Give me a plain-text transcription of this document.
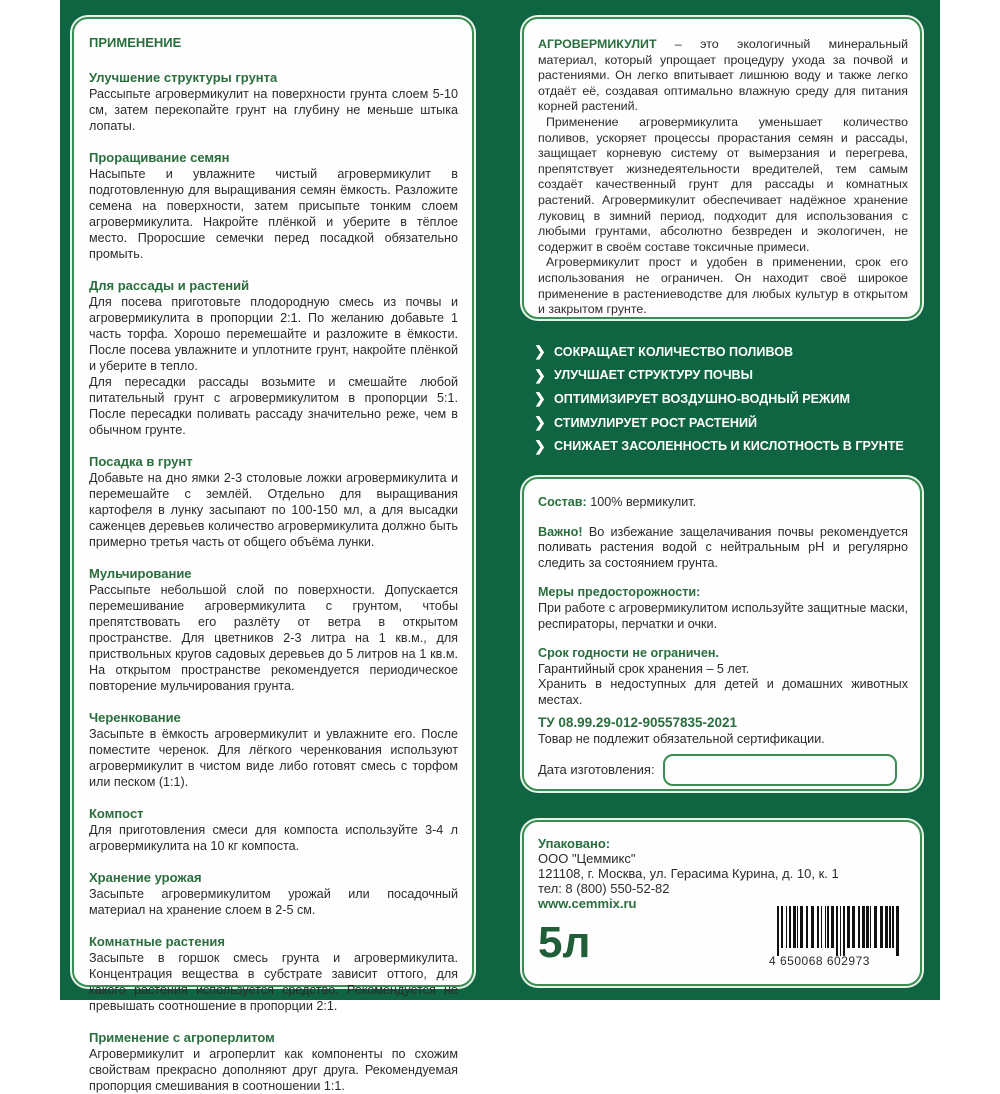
ПРИМЕНЕНИЕ
Улучшение структуры грунта

Рассыпьте агровермикулит на поверхности грунта слоем 5-10 см, затем перекопайте грунт на глубину не меньше штыка лопаты.

Проращивание семян

Насыпьте и увлажните чистый агровермикулит в подготовленную для выращивания семян ёмкость. Разложите семена на поверхности, затем присыпьте тонким слоем агровермикулита. Накройте плёнкой и уберите в тёплое место. Проросшие семечки перед посадкой обязательно промыть.

Для рассады и растений

Для посева приготовьте плодородную смесь из почвы и агровермикулита в пропорции 2:1. По желанию добавьте 1 часть торфа. Хорошо перемешайте и разложите в ёмкости. После посева увлажните и уплотните грунт, накройте плёнкой и уберите в тепло.

Для пересадки рассады возьмите и смешайте любой питательный грунт с агровермикулитом в пропорции 5:1. После пересадки поливать рассаду значительно реже, чем в обычном грунте.

Посадка в грунт

Добавьте на дно ямки 2-3 столовые ложки агровермикулита и перемешайте с землёй. Отдельно для выращивания картофеля в лунку засыпают по 100-150 мл, а для высадки саженцев деревьев количество агровермикулита должно быть примерно третья часть от общего объёма лунки.

Мульчирование

Рассыпьте небольшой слой по поверхности. Допускается перемешивание агровермикулита с грунтом, чтобы препятствовать его разлёту от ветра в открытом пространстве. Для цветников 2-3 литра на 1 кв.м., для приствольных кругов садовых деревьев до 5 литров на 1 кв.м. На открытом пространстве рекомендуется периодическое повторение мульчирования грунта.

Черенкование

Засыпьте в ёмкость агровермикулит и увлажните его. После поместите черенок. Для лёгкого черенкования используют агровермикулит в чистом виде либо готовят смесь с торфом или песком (1:1).

Компост

Для приготовления смеси для компоста используйте 3-4 л агровермикулита на 10 кг компоста.

Хранение урожая

Засыпьте агровермикулитом урожай или посадочный материал на хранение слоем в 2-5 см.

Комнатные растения

Засыпьте в горшок смесь грунта и агровермикулита. Концентрация вещества в субстрате зависит оттого, для какого растения используется средство. Рекомендуется не превышать соотношение в пропорции 2:1.

Применение с агроперлитом

Агровермикулит и агроперлит как компоненты по схожим свойствам прекрасно дополняют друг друга. Рекомендуемая пропорция смешивания в соотношении 1:1.

АГРОВЕРМИКУЛИТ – это экологичный минеральный материал, который упрощает процедуру ухода за почвой и растениями. Он легко впитывает лишнюю воду и также легко отдаёт её, создавая оптимально влажную среду для питания корней растений.

Применение агровермикулита уменьшает количество поливов, ускоряет процессы прорастания семян и рассады, защищает корневую систему от вымерзания и перегрева, препятствует жизнедеятельности вредителей, тем самым создаёт качественный грунт для рассады и комнатных растений. Агровермикулит обеспечивает надёжное хранение луковиц в зимний период, подходит для использования с любыми грунтами, абсолютно безвреден и экологичен, не содержит в своём составе токсичные примеси.

Агровермикулит прост и удобен в применении, срок его использования не ограничен. Он находит своё широкое применение в растениеводстве для любых культур в открытом и закрытом грунте.

❯ СОКРАЩАЕТ КОЛИЧЕСТВО ПОЛИВОВ
❯ УЛУЧШАЕТ СТРУКТУРУ ПОЧВЫ
❯ ОПТИМИЗИРУЕТ ВОЗДУШНО-ВОДНЫЙ РЕЖИМ
❯ СТИМУЛИРУЕТ РОСТ РАСТЕНИЙ
❯ СНИЖАЕТ ЗАСОЛЕННОСТЬ И КИСЛОТНОСТЬ В ГРУНТЕ
Состав: 100% вермикулит.
Важно! Во избежание защелачивания почвы рекомендуется поливать растения водой с нейтральным pH и регулярно следить за состоянием грунта.
Меры предосторожности:
При работе с агровермикулитом используйте защитные маски, респираторы, перчатки и очки.
Срок годности не ограничен.
Гарантийный срок хранения – 5 лет.
Хранить в недоступных для детей и домашних животных местах.
ТУ 08.99.29-012-90557835-2021
Товар не подлежит обязательной сертификации.
Дата изготовления:
Упаковано:
ООО "Цеммикс"
121108, г. Москва, ул. Герасима Курина, д. 10, к. 1
тел: 8 (800) 550-52-82
www.cemmix.ru
5л	4 650068 602973
